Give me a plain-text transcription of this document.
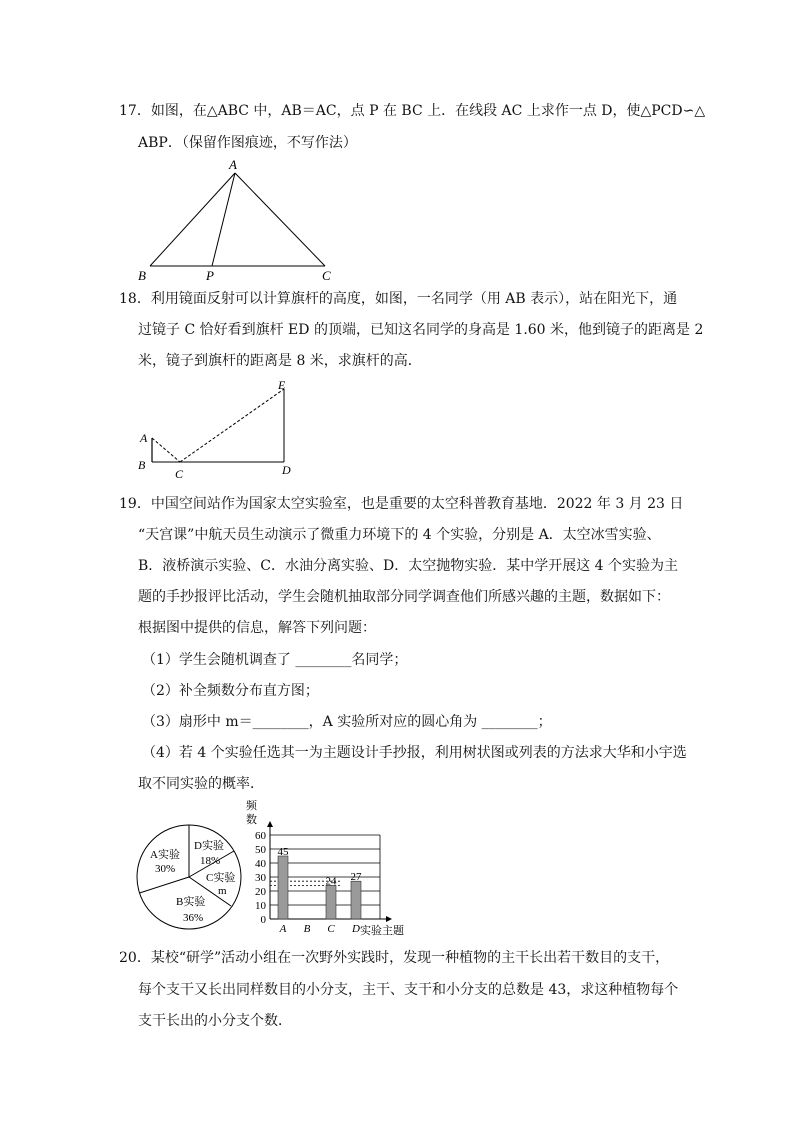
17．如图，在△ABC 中，AB＝AC，点 P 在 BC 上．在线段 AC 上求作一点 D，使△PCD∽△
ABP．（保留作图痕迹，不写作法）
A
B	P	C
18．利用镜面反射可以计算旗杆的高度，如图，一名同学（用 AB 表示），站在阳光下，通
过镜子 C 恰好看到旗杆 ED 的顶端，已知这名同学的身高是 1.60 米，他到镜子的距离是 2
米，镜子到旗杆的距离是 8 米，求旗杆的高．
A
B
C	D
E
19．中国空间站作为国家太空实验室，也是重要的太空科普教育基地．2022 年 3 月 23 日
“天宫课”中航天员生动演示了微重力环境下的 4 个实验，分别是 A．太空冰雪实验、
B．液桥演示实验、C．水油分离实验、D．太空抛物实验．某中学开展这 4 个实验为主
题的手抄报评比活动，学生会随机抽取部分同学调查他们所感兴趣的主题，数据如下：
根据图中提供的信息，解答下列问题：
（1）学生会随机调查了 ________名同学；
（2）补全频数分布直方图；
（3）扇形中 m＝________，A 实验所对应的圆心角为 ________；
（4）若 4 个实验任选其一为主题设计手抄报，利用树状图或列表的方法求大华和小宇选
取不同实验的概率．
A实验
30%
D实验
18%
C实验
m
B实验
36%
频
数
实验主题
0
10
20
30
40
50
60
45
A B
24
C
27
D
20．某校“研学”活动小组在一次野外实践时，发现一种植物的主干长出若干数目的支干，
每个支干又长出同样数目的小分支，主干、支干和小分支的总数是 43，求这种植物每个
支干长出的小分支个数．
